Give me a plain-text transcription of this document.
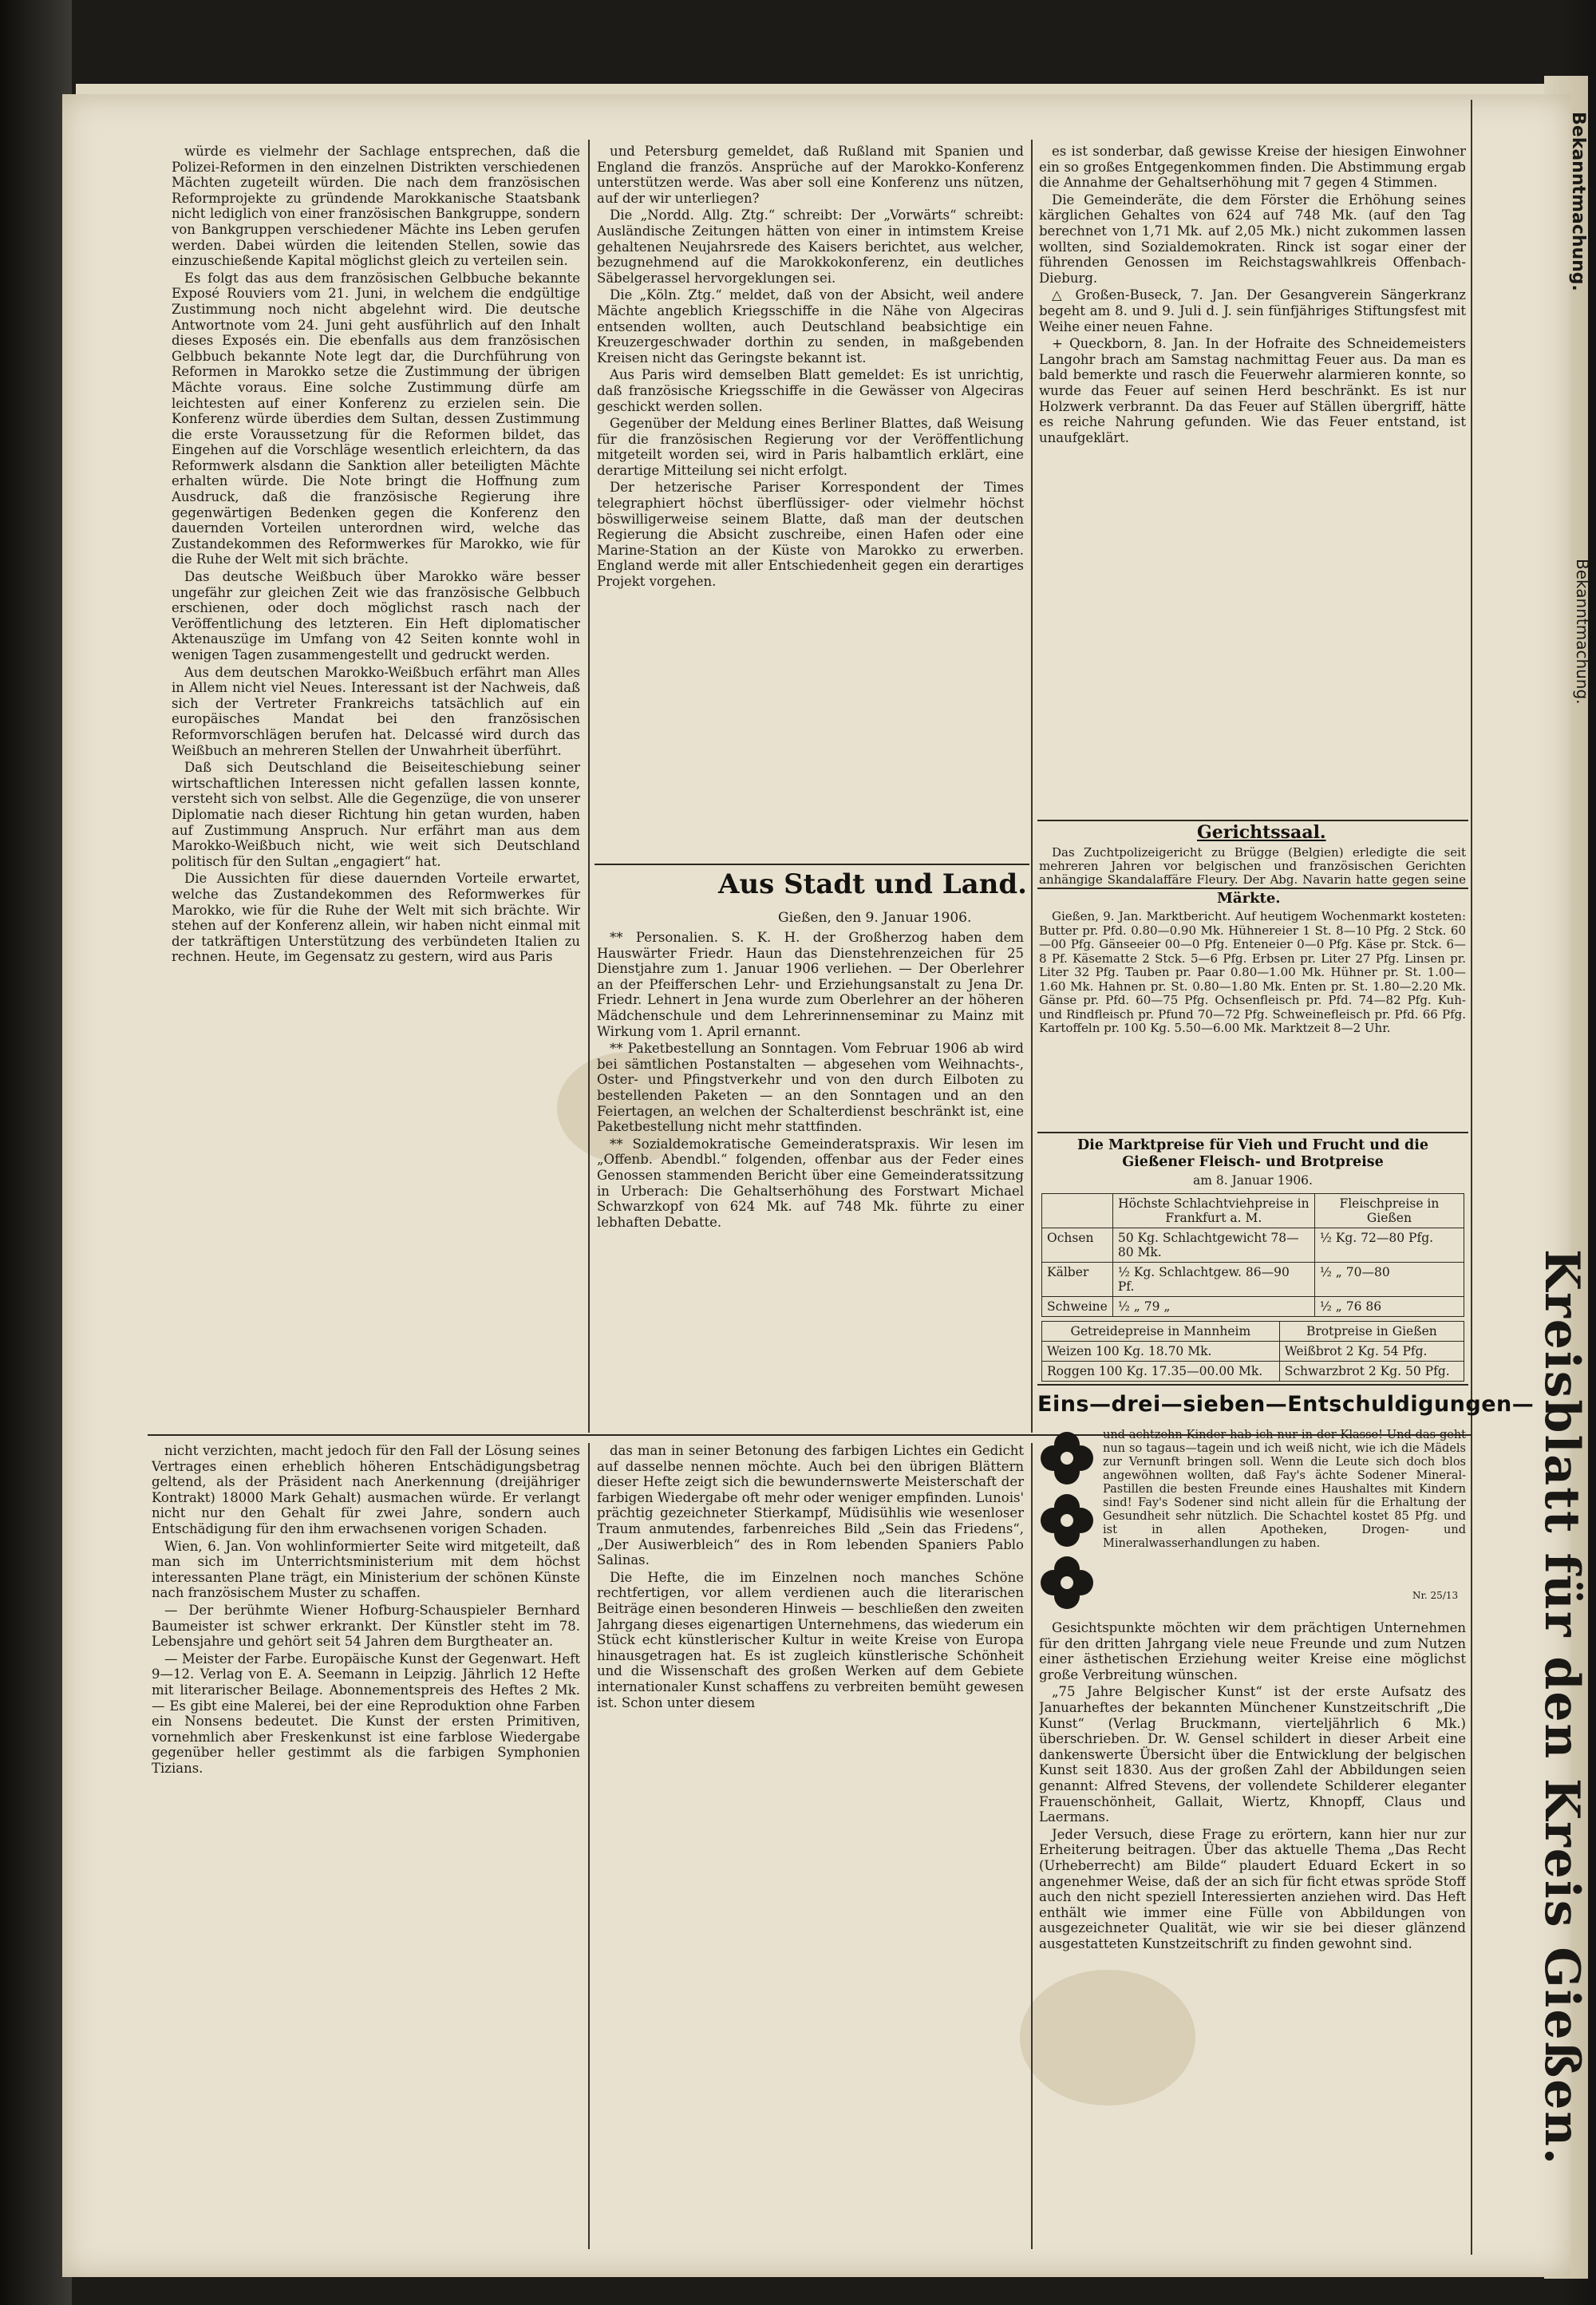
würde es vielmehr der Sachlage entsprechen, daß die Polizei-Reformen in den einzelnen Distrikten verschiedenen Mächten zugeteilt würden. Die nach dem französischen Reformprojekte zu gründende Marokkanische Staatsbank nicht lediglich von einer französischen Bankgruppe, sondern von Bankgruppen verschiedener Mächte ins Leben gerufen werden. Dabei würden die leitenden Stellen, sowie das einzuschießende Kapital möglichst gleich zu verteilen sein.

Es folgt das aus dem französischen Gelbbuche bekannte Exposé Rouviers vom 21. Juni, in welchem die endgültige Zustimmung noch nicht abgelehnt wird. Die deutsche Antwortnote vom 24. Juni geht ausführlich auf den Inhalt dieses Exposés ein. Die ebenfalls aus dem französischen Gelbbuch bekannte Note legt dar, die Durchführung von Reformen in Marokko setze die Zustimmung der übrigen Mächte voraus. Eine solche Zustimmung dürfe am leichtesten auf einer Konferenz zu erzielen sein. Die Konferenz würde überdies dem Sultan, dessen Zustimmung die erste Voraussetzung für die Reformen bildet, das Eingehen auf die Vorschläge wesentlich erleichtern, da das Reformwerk alsdann die Sanktion aller beteiligten Mächte erhalten würde. Die Note bringt die Hoffnung zum Ausdruck, daß die französische Regierung ihre gegenwärtigen Bedenken gegen die Konferenz den dauernden Vorteilen unterordnen wird, welche das Zustandekommen des Reformwerkes für Marokko, wie für die Ruhe der Welt mit sich brächte.

Das deutsche Weißbuch über Marokko wäre besser ungefähr zur gleichen Zeit wie das französische Gelbbuch erschienen, oder doch möglichst rasch nach der Veröffentlichung des letzteren. Ein Heft diplomatischer Aktenauszüge im Umfang von 42 Seiten konnte wohl in wenigen Tagen zusammengestellt und gedruckt werden.

Aus dem deutschen Marokko-Weißbuch erfährt man Alles in Allem nicht viel Neues. Interessant ist der Nachweis, daß sich der Vertreter Frankreichs tatsächlich auf ein europäisches Mandat bei den französischen Reformvorschlägen berufen hat. Delcassé wird durch das Weißbuch an mehreren Stellen der Unwahrheit überführt.

Daß sich Deutschland die Beiseiteschiebung seiner wirtschaftlichen Interessen nicht gefallen lassen konnte, versteht sich von selbst. Alle die Gegenzüge, die von unserer Diplomatie nach dieser Richtung hin getan wurden, haben auf Zustimmung Anspruch. Nur erfährt man aus dem Marokko-Weißbuch nicht, wie weit sich Deutschland politisch für den Sultan „engagiert“ hat.

Die Aussichten für diese dauernden Vorteile erwartet, welche das Zustandekommen des Reformwerkes für Marokko, wie für die Ruhe der Welt mit sich brächte. Wir stehen auf der Konferenz allein, wir haben nicht einmal mit der tatkräftigen Unterstützung des verbündeten Italien zu rechnen. Heute, im Gegensatz zu gestern, wird aus Paris

und Petersburg gemeldet, daß Rußland mit Spanien und England die französ. Ansprüche auf der Marokko-Konferenz unterstützen werde. Was aber soll eine Konferenz uns nützen, auf der wir unterliegen?

Die „Nordd. Allg. Ztg.“ schreibt: Der „Vorwärts“ schreibt: Ausländische Zeitungen hätten von einer in intimstem Kreise gehaltenen Neujahrsrede des Kaisers berichtet, aus welcher, bezugnehmend auf die Marokkokonferenz, ein deutliches Säbelgerassel hervorgeklungen sei.

Die „Köln. Ztg.“ meldet, daß von der Absicht, weil andere Mächte angeblich Kriegsschiffe in die Nähe von Algeciras entsenden wollten, auch Deutschland beabsichtige ein Kreuzergeschwader dorthin zu senden, in maßgebenden Kreisen nicht das Geringste bekannt ist.

Aus Paris wird demselben Blatt gemeldet: Es ist unrichtig, daß französische Kriegsschiffe in die Gewässer von Algeciras geschickt werden sollen.

Gegenüber der Meldung eines Berliner Blattes, daß Weisung für die französischen Regierung vor der Veröffentlichung mitgeteilt worden sei, wird in Paris halbamtlich erklärt, eine derartige Mitteilung sei nicht erfolgt.

Der hetzerische Pariser Korrespondent der Times telegraphiert höchst überflüssiger- oder vielmehr höchst böswilligerweise seinem Blatte, daß man der deutschen Regierung die Absicht zuschreibe, einen Hafen oder eine Marine-Station an der Küste von Marokko zu erwerben. England werde mit aller Entschiedenheit gegen ein derartiges Projekt vorgehen.

Aus Stadt und Land.
Gießen, den 9. Januar 1906.

** Personalien. S. K. H. der Großherzog haben dem Hauswärter Friedr. Haun das Dienstehrenzeichen für 25 Dienstjahre zum 1. Januar 1906 verliehen. — Der Oberlehrer an der Pfeifferschen Lehr- und Erziehungsanstalt zu Jena Dr. Friedr. Lehnert in Jena wurde zum Oberlehrer an der höheren Mädchenschule und dem Lehrerinnenseminar zu Mainz mit Wirkung vom 1. April ernannt.

** Paketbestellung an Sonntagen. Vom Februar 1906 ab wird bei sämtlichen Postanstalten — abgesehen vom Weihnachts-, Oster- und Pfingstverkehr und von den durch Eilboten zu bestellenden Paketen — an den Sonntagen und an den Feiertagen, an welchen der Schalterdienst beschränkt ist, eine Paketbestellung nicht mehr stattfinden.

** Sozialdemokratische Gemeinderatspraxis. Wir lesen im „Offenb. Abendbl.“ folgenden, offenbar aus der Feder eines Genossen stammenden Bericht über eine Gemeinderatssitzung in Urberach: Die Gehaltserhöhung des Forstwart Michael Schwarzkopf von 624 Mk. auf 748 Mk. führte zu einer lebhaften Debatte.

es ist sonderbar, daß gewisse Kreise der hiesigen Einwohner ein so großes Entgegenkommen finden. Die Abstimmung ergab die Annahme der Gehaltserhöhung mit 7 gegen 4 Stimmen.

Die Gemeinderäte, die dem Förster die Erhöhung seines kärglichen Gehaltes von 624 auf 748 Mk. (auf den Tag berechnet von 1,71 Mk. auf 2,05 Mk.) nicht zukommen lassen wollten, sind Sozialdemokraten. Rinck ist sogar einer der führenden Genossen im Reichstagswahlkreis Offenbach-Dieburg.

△ Großen-Buseck, 7. Jan. Der Gesangverein Sängerkranz begeht am 8. und 9. Juli d. J. sein fünfjähriges Stiftungsfest mit Weihe einer neuen Fahne.

+ Queckborn, 8. Jan. In der Hofraite des Schneidemeisters Langohr brach am Samstag nachmittag Feuer aus. Da man es bald bemerkte und rasch die Feuerwehr alarmieren konnte, so wurde das Feuer auf seinen Herd beschränkt. Es ist nur Holzwerk verbrannt. Da das Feuer auf Ställen übergriff, hätte es reiche Nahrung gefunden. Wie das Feuer entstand, ist unaufgeklärt.

Gerichtssaal.

Das Zuchtpolizeigericht zu Brügge (Belgien) erledigte die seit mehreren Jahren vor belgischen und französischen Gerichten anhängige Skandalaffäre Fleury. Der Abg. Navarin hatte gegen seine

Märkte.

Gießen, 9. Jan. Marktbericht. Auf heutigem Wochenmarkt kosteten: Butter pr. Pfd. 0.80—0.90 Mk. Hühnereier 1 St. 8—10 Pfg. 2 Stck. 60—00 Pfg. Gänseeier 00—0 Pfg. Enteneier 0—0 Pfg. Käse pr. Stck. 6—8 Pf. Käsematte 2 Stck. 5—6 Pfg. Erbsen pr. Liter 27 Pfg. Linsen pr. Liter 32 Pfg. Tauben pr. Paar 0.80—1.00 Mk. Hühner pr. St. 1.00—1.60 Mk. Hahnen pr. St. 0.80—1.80 Mk. Enten pr. St. 1.80—2.20 Mk. Gänse pr. Pfd. 60—75 Pfg. Ochsenfleisch pr. Pfd. 74—82 Pfg. Kuh- und Rindfleisch pr. Pfund 70—72 Pfg. Schweinefleisch pr. Pfd. 66 Pfg. Kartoffeln pr. 100 Kg. 5.50—6.00 Mk. Marktzeit 8—2 Uhr.

Die Marktpreise für Vieh und Frucht und die Gießener Fleisch- und Brotpreise
am 8. Januar 1906.
	Höchste Schlachtviehpreise in Frankfurt a. M.	Fleischpreise in Gießen
Ochsen	50 Kg. Schlachtgewicht 78—80 Mk.	½ Kg. 72—80 Pfg.
Kälber	½ Kg. Schlachtgew. 86—90 Pf.	½ „ 70—80
Schweine	½ „ 79 „	½ „ 76 86
Getreidepreise in Mannheim	Brotpreise in Gießen
Weizen 100 Kg. 18.70 Mk.	Weißbrot 2 Kg. 54 Pfg.
Roggen 100 Kg. 17.35—00.00 Mk.	Schwarzbrot 2 Kg. 50 Pfg.
Eins—drei—sieben—Entschuldigungen—

nicht verzichten, macht jedoch für den Fall der Lösung seines Vertrages einen erheblich höheren Entschädigungsbetrag geltend, als der Präsident nach Anerkennung (dreijähriger Kontrakt) 18000 Mark Gehalt) ausmachen würde. Er verlangt nicht nur den Gehalt für zwei Jahre, sondern auch Entschädigung für den ihm erwachsenen vorigen Schaden.

Wien, 6. Jan. Von wohlinformierter Seite wird mitgeteilt, daß man sich im Unterrichtsministerium mit dem höchst interessanten Plane trägt, ein Ministerium der schönen Künste nach französischem Muster zu schaffen.

— Der berühmte Wiener Hofburg-Schauspieler Bernhard Baumeister ist schwer erkrankt. Der Künstler steht im 78. Lebensjahre und gehört seit 54 Jahren dem Burgtheater an.

— Meister der Farbe. Europäische Kunst der Gegenwart. Heft 9—12. Verlag von E. A. Seemann in Leipzig. Jährlich 12 Hefte mit literarischer Beilage. Abonnementspreis des Heftes 2 Mk. — Es gibt eine Malerei, bei der eine Reproduktion ohne Farben ein Nonsens bedeutet. Die Kunst der ersten Primitiven, vornehmlich aber Freskenkunst ist eine farblose Wiedergabe gegenüber heller gestimmt als die farbigen Symphonien Tizians.

das man in seiner Betonung des farbigen Lichtes ein Gedicht auf dasselbe nennen möchte. Auch bei den übrigen Blättern dieser Hefte zeigt sich die bewundernswerte Meisterschaft der farbigen Wiedergabe oft mehr oder weniger empfinden. Lunois' prächtig gezeichneter Stierkampf, Müdisühlis wie wesenloser Traum anmutendes, farbenreiches Bild „Sein das Friedens“, „Der Ausiwerbleich“ des in Rom lebenden Spaniers Pablo Salinas.

Die Hefte, die im Einzelnen noch manches Schöne rechtfertigen, vor allem verdienen auch die literarischen Beiträge einen besonderen Hinweis — beschließen den zweiten Jahrgang dieses eigenartigen Unternehmens, das wiederum ein Stück echt künstlerischer Kultur in weite Kreise von Europa hinausgetragen hat. Es ist zugleich künstlerische Schönheit und die Wissenschaft des großen Werken auf dem Gebiete internationaler Kunst schaffens zu verbreiten bemüht gewesen ist. Schon unter diesem

Gesichtspunkte möchten wir dem prächtigen Unternehmen für den dritten Jahrgang viele neue Freunde und zum Nutzen einer ästhetischen Erziehung weiter Kreise eine möglichst große Verbreitung wünschen.

„75 Jahre Belgischer Kunst“ ist der erste Aufsatz des Januarheftes der bekannten Münchener Kunstzeitschrift „Die Kunst“ (Verlag Bruckmann, vierteljährlich 6 Mk.) überschrieben. Dr. W. Gensel schildert in dieser Arbeit eine dankenswerte Übersicht über die Entwicklung der belgischen Kunst seit 1830. Aus der großen Zahl der Abbildungen seien genannt: Alfred Stevens, der vollendete Schilderer eleganter Frauenschönheit, Gallait, Wiertz, Khnopff, Claus und Laermans.

Jeder Versuch, diese Frage zu erörtern, kann hier nur zur Erheiterung beitragen. Über das aktuelle Thema „Das Recht (Urheberrecht) am Bilde“ plaudert Eduard Eckert in so angenehmer Weise, daß der an sich für ficht etwas spröde Stoff auch den nicht speziell Interessierten anziehen wird. Das Heft enthält wie immer eine Fülle von Abbildungen von ausgezeichneter Qualität, wie wir sie bei dieser glänzend ausgestatteten Kunstzeitschrift zu finden gewohnt sind.

und achtzehn Kinder hab ich nur in der Klasse! Und das geht nun so tagaus—tagein und ich weiß nicht, wie ich die Mädels zur Vernunft bringen soll. Wenn die Leute sich doch blos angewöhnen wollten, daß Fay's ächte Sodener Mineral-Pastillen die besten Freunde eines Haushaltes mit Kindern sind! Fay's Sodener sind nicht allein für die Erhaltung der Gesundheit sehr nützlich. Die Schachtel kostet 85 Pfg. und ist in allen Apotheken, Drogen- und Mineralwasserhandlungen zu haben.

Nr. 25/13
Bekanntmachung.
Bekanntmachung.
Kreisblatt für den Kreis Gießen.
